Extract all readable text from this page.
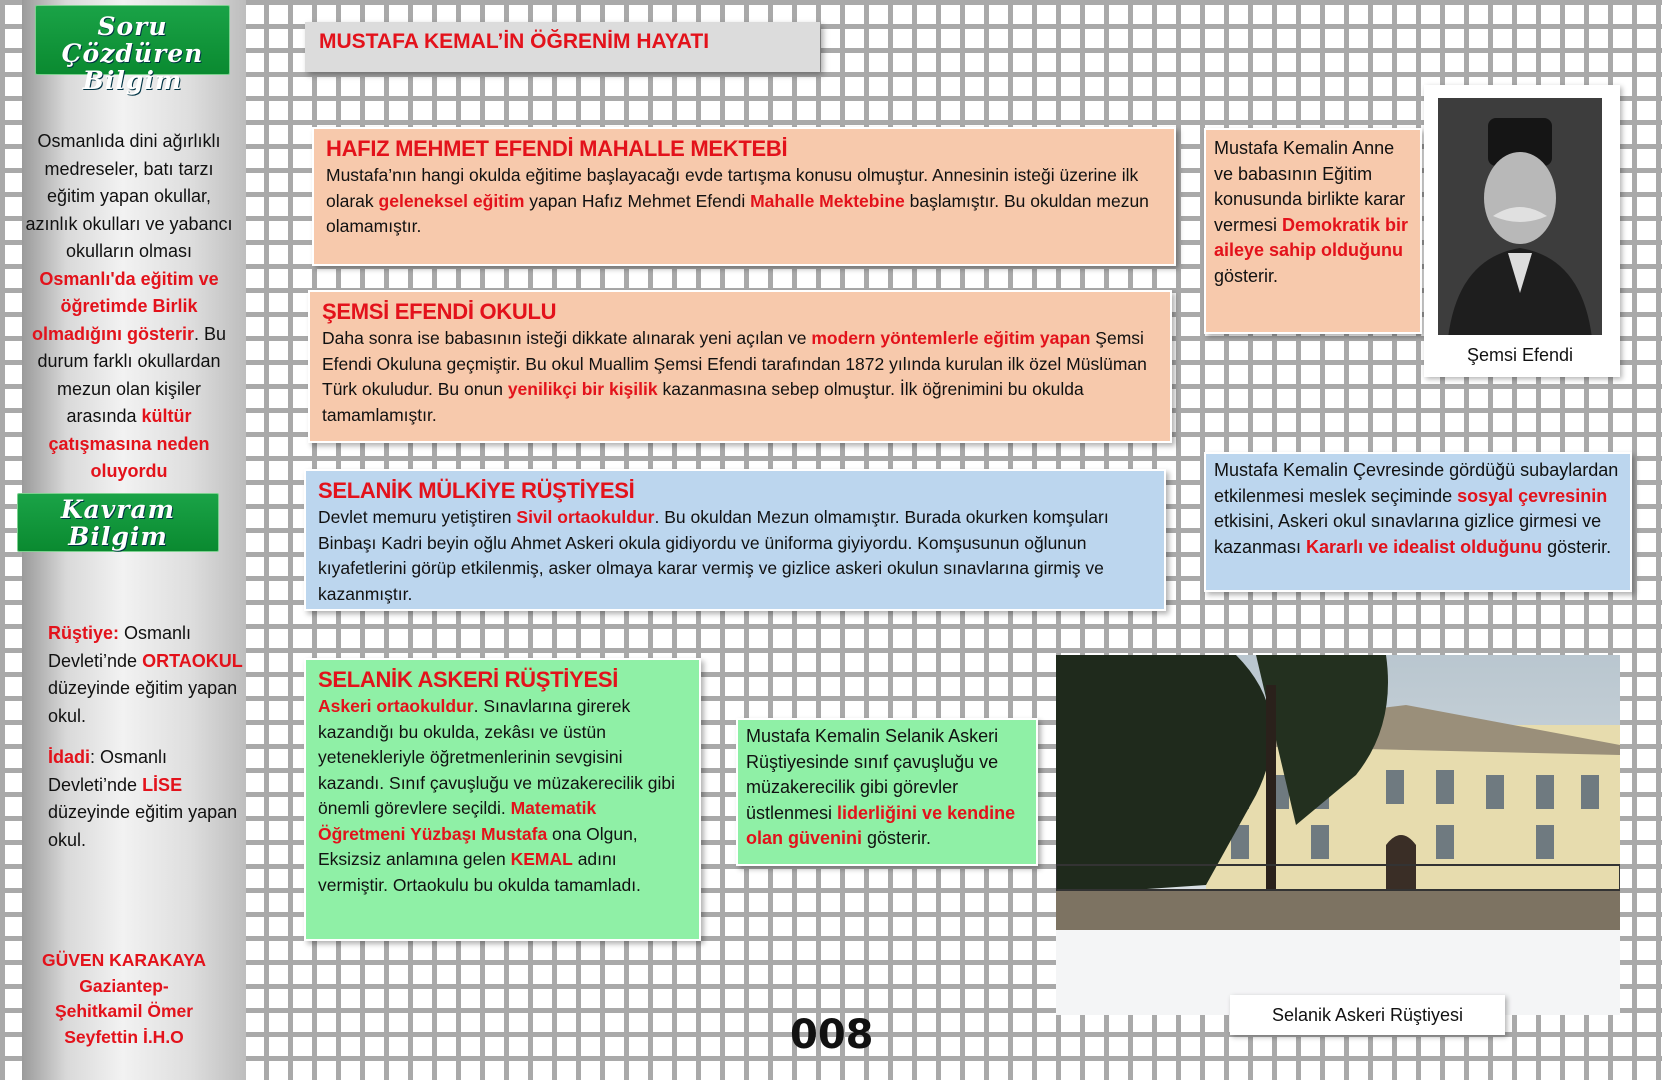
Soru Çözdüren
Bilgim
Osmanlıda dini ağırlıklı medreseler, batı tarzı eğitim yapan okullar, azınlık okulları ve yabancı okulların olması Osmanlı'da eğitim ve öğretimde Birlik olmadığını gösterir. Bu durum farklı okullardan mezun olan kişiler arasında kültür çatışmasına neden oluyordu
Kavram
Bilgim
Rüştiye: Osmanlı Devleti’nde ORTAOKUL düzeyinde eğitim yapan okul.
İdadi: Osmanlı Devleti’nde LİSE düzeyinde eğitim yapan okul.
GÜVEN KARAKAYA
Gaziantep-
Şehitkamil Ömer
Seyfettin İ.H.O
MUSTAFA KEMAL’İN ÖĞRENİM HAYATI
HAFIZ MEHMET EFENDİ MAHALLE MEKTEBİ

Mustafa’nın hangi okulda eğitime başlayacağı evde tartışma konusu olmuştur. Annesinin isteği üzerine ilk olarak geleneksel eğitim yapan Hafız Mehmet Efendi Mahalle Mektebine başlamıştır. Bu okuldan mezun olamamıştır.

ŞEMSİ EFENDİ OKULU

Daha sonra ise babasının isteği dikkate alınarak yeni açılan ve modern yöntemlerle eğitim yapan Şemsi Efendi Okuluna geçmiştir. Bu okul Muallim Şemsi Efendi tarafından 1872 yılında kurulan ilk özel Müslüman Türk okuludur. Bu onun yenilikçi bir kişilik kazanmasına sebep olmuştur. İlk öğrenimini bu okulda tamamlamıştır.

SELANİK MÜLKİYE RÜŞTİYESİ

Devlet memuru yetiştiren Sivil ortaokuldur. Bu okuldan Mezun olmamıştır. Burada okurken komşuları Binbaşı Kadri beyin oğlu Ahmet Askeri okula gidiyordu ve üniforma giyiyordu. Komşusunun oğlunun kıyafetlerini görüp etkilenmiş, asker olmaya karar vermiş ve gizlice askeri okulun sınavlarına girmiş ve kazanmıştır.

SELANİK ASKERİ RÜŞTİYESİ

Askeri ortaokuldur. Sınavlarına girerek kazandığı bu okulda, zekâsı ve üstün yetenekleriyle öğretmenlerinin sevgisini kazandı. Sınıf çavuşluğu ve müzakerecilik gibi önemli görevlere seçildi. Matematik Öğretmeni Yüzbaşı Mustafa ona Olgun, Eksizsiz anlamına gelen KEMAL adını vermiştir. Ortaokulu bu okulda tamamladı.

Mustafa Kemalin Anne ve babasının Eğitim konusunda birlikte karar vermesi Demokratik bir aileye sahip olduğunu gösterir.

Mustafa Kemalin Çevresinde gördüğü subaylardan etkilenmesi meslek seçiminde sosyal çevresinin etkisini, Askeri okul sınavlarına gizlice girmesi ve kazanması Kararlı ve idealist olduğunu gösterir.

Mustafa Kemalin Selanik Askeri Rüştiyesinde sınıf çavuşluğu ve müzakerecilik gibi görevler üstlenmesi liderliğini ve kendine olan güvenini gösterir.

Şemsi Efendi
Selanik Askeri Rüştiyesi
008
